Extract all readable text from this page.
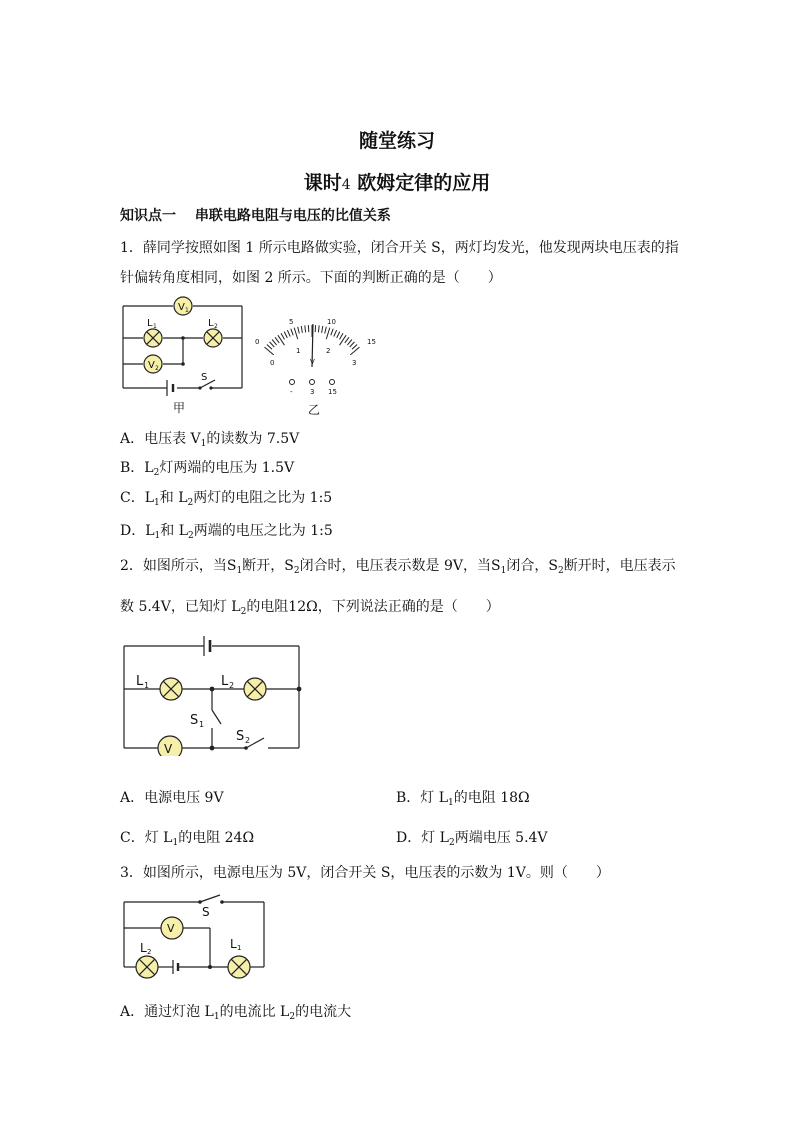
随堂练习
课时4 欧姆定律的应用
知识点一　 串联电路电阻与电压的比值关系
1．薛同学按照如图 1 所示电路做实验，闭合开关 S，两灯均发光，他发现两块电压表的指
针偏转角度相同，如图 2 所示。下面的判断正确的是（　　）
V 1
V 2
L 1	L 2
S
甲
0
5	10
15
0
1	2
3
V
- 3 15
乙
A．电压表 $V_1$的读数为 7.5V
B．$L_2$灯两端的电压为 1.5V
C．$L_1$和 $L_2$两灯的电阻之比为 1:5
D．$L_1$和 $L_2$两端的电压之比为 1:5
2．如图所示，当$S_1$断开，$S_2$闭合时，电压表示数是 9V，当$S_1$闭合，$S_2$断开时，电压表示
数 5.4V，已知灯 $L_2$的电阻12Ω，下列说法正确的是（　　）
L 1	L 2
V
S 1
S 2
A．电源电压 9V	B．灯 $L_1$的电阻 18Ω
C．灯 $L_1$的电阻 24Ω	D．灯 $L_2$两端电压 5.4V
3．如图所示，电源电压为 5V，闭合开关 S，电压表的示数为 1V。则（　　）
V
S
L 2
L 1
A．通过灯泡 $L_1$的电流比 $L_2$的电流大
